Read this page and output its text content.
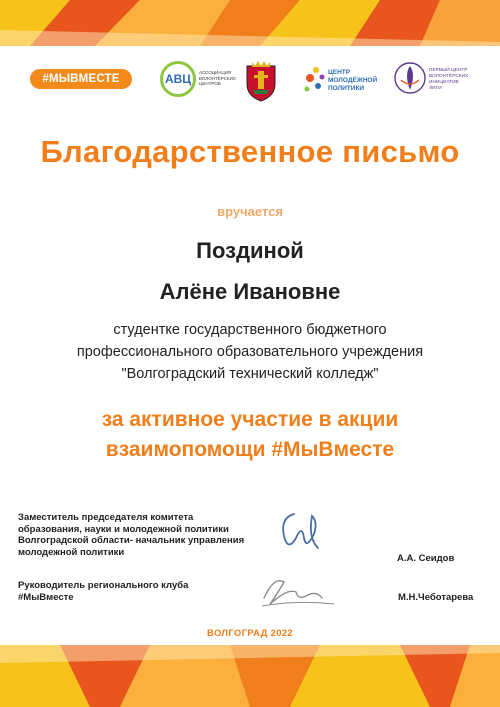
#МЫВМЕСТЕ	АВЦ	АССОЦИАЦИЯ ВОЛОНТЁРСКИХ ЦЕНТРОВ
ЦЕНТР
МОЛОДЁЖНОЙ
ПОЛИТИКИ
ПЕРВЫЙ ЦЕНТР
ВОЛОНТЁРСКИХ
ИНИЦИАТИВ
ЛИГИ
Благодарственное письмо
вручается
Поздиной
Алёне Ивановне
студентке государственного бюджетного
профессионального образовательного учреждения
"Волгоградский технический колледж"
за активное участие в акции
взаимопомощи #МыВместе
Заместитель председателя комитета
образования, науки и молодежной политики
Волгоградской области- начальник управления
молодежной политики
А.А. Сеидов
Руководитель регионального клуба
#МыВместе	М.Н.Чеботарева
ВОЛГОГРАД 2022
